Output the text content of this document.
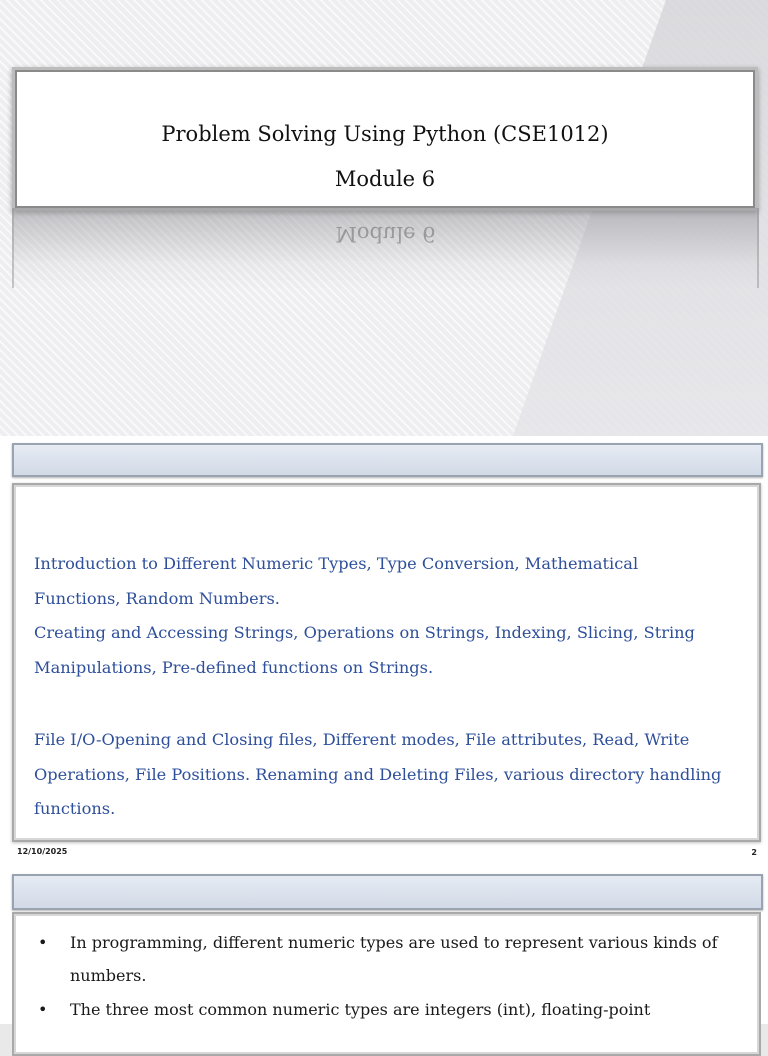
Problem Solving Using Python (CSE1012)
Module 6
Module 6
Introduction to Different Numeric Types, Type Conversion, Mathematical Functions, Random Numbers.
Creating and Accessing Strings, Operations on Strings, Indexing, Slicing, String Manipulations, Pre-defined functions on Strings.
File I/O-Opening and Closing files, Different modes, File attributes, Read, Write Operations, File Positions. Renaming and Deleting Files, various directory handling functions.
12/10/2025	2
•	In programming, different numeric types are used to represent various kinds of numbers.
•	The three most common numeric types are integers (int), floating-point
